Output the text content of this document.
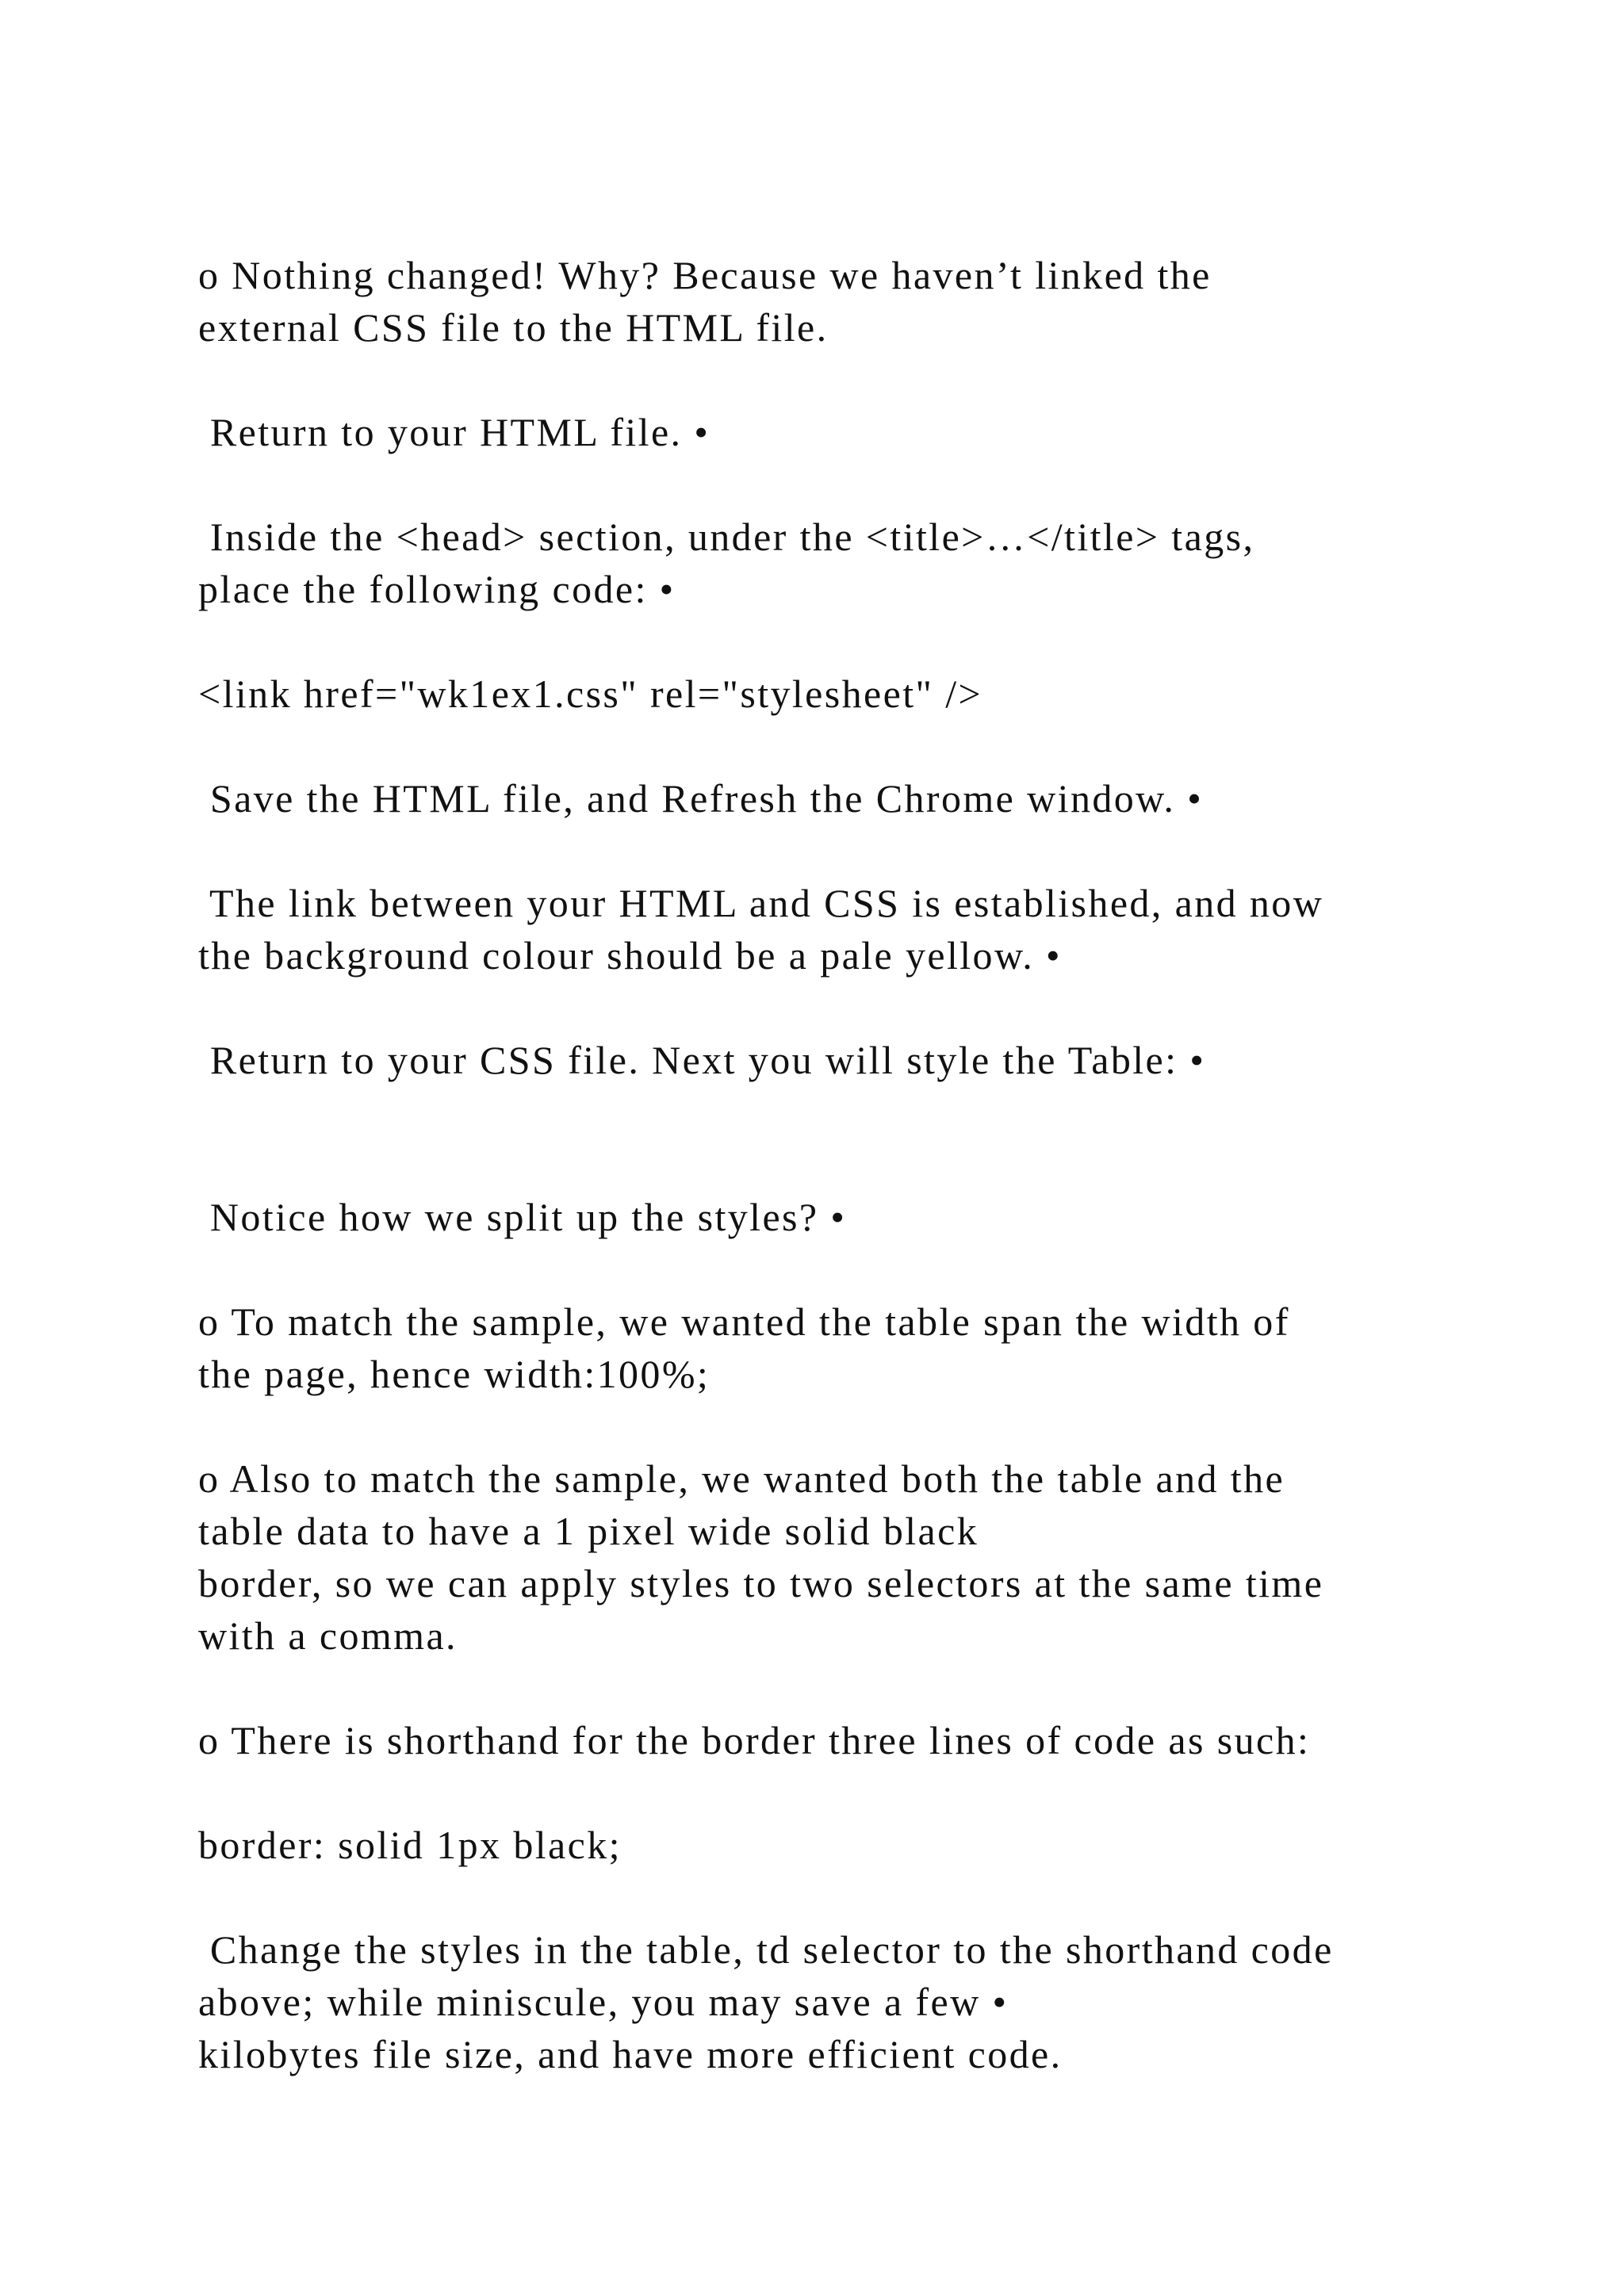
o Nothing changed! Why? Because we haven’t linked the

external CSS file to the HTML file.

Return to your HTML file. •

Inside the <head> section, under the <title>…</title> tags,

place the following code: •

<link href="wk1ex1.css" rel="stylesheet" />

Save the HTML file, and Refresh the Chrome window. •

The link between your HTML and CSS is established, and now

the background colour should be a pale yellow. •

Return to your CSS file. Next you will style the Table: •

Notice how we split up the styles? •

o To match the sample, we wanted the table span the width of

the page, hence width:100%;

o Also to match the sample, we wanted both the table and the

table data to have a 1 pixel wide solid black

border, so we can apply styles to two selectors at the same time

with a comma.

o There is shorthand for the border three lines of code as such:

border: solid 1px black;

Change the styles in the table, td selector to the shorthand code

above; while miniscule, you may save a few •

kilobytes file size, and have more efficient code.
